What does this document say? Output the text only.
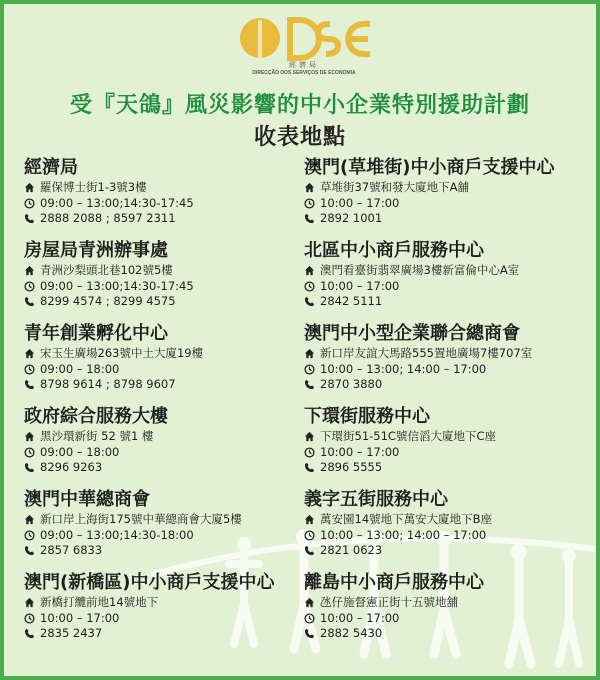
經濟局
DIRECÇÃO DOS SERVIÇOS DE ECONOMIA
受『天鴿』風災影響的中小企業特別援助計劃
收表地點
經濟局
羅保博士街1-3號3樓
09:00 – 13:00;14:30-17:45
2888 2088 ; 8597 2311
房屋局青洲辦事處
青洲沙梨頭北巷102號5樓
09:00 – 13:00;14:30-17:45
8299 4574 ; 8299 4575
青年創業孵化中心
宋玉生廣場263號中土大廈19樓
09:00 – 18:00
8798 9614 ; 8798 9607
政府綜合服務大樓
黑沙環新街 52 號1 樓
09:00 – 18:00
8296 9263
澳門中華總商會
新口岸上海街175號中華總商會大廈5樓
09:00 – 13:00;14:30-18:00
2857 6833
澳門(新橋區)中小商戶支援中心
新橋打纜前地14號地下
10:00 – 17:00
2835 2437
澳門(草堆街)中小商戶支援中心
草堆街37號和發大廈地下A舖
10:00 – 17:00
2892 1001
北區中小商戶服務中心
澳門看臺街翡翠廣場3樓新富倫中心A室
10:00 – 17:00
2842 5111
澳門中小型企業聯合總商會
新口岸友誼大馬路555置地廣場7樓707室
10:00 – 13:00; 14:00 – 17:00
2870 3880
下環街服務中心
下環街51-51C號信滔大廈地下C座
10:00 – 17:00
2896 5555
義字五街服務中心
萬安園14號地下萬安大廈地下B座
10:00 – 13:00; 14:00 – 17:00
2821 0623
離島中小商戶服務中心
氹仔施督憲正街十五號地舖
10:00 – 17:00
2882 5430
